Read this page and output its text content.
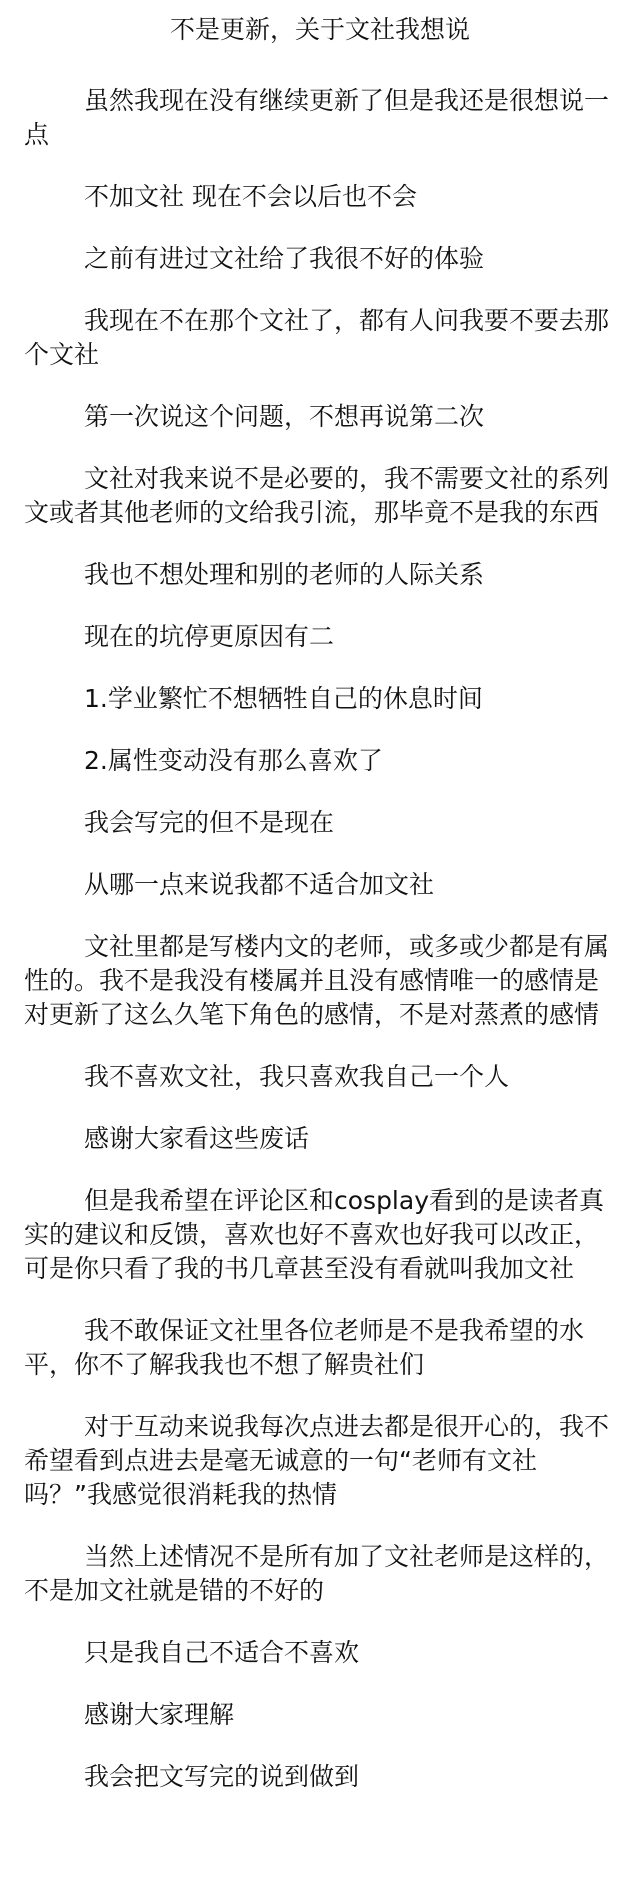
不是更新，关于文社我想说

虽然我现在没有继续更新了但是我还是很想说一点

不加文社 现在不会以后也不会

之前有进过文社给了我很不好的体验

我现在不在那个文社了，都有人问我要不要去那个文社

第一次说这个问题，不想再说第二次

文社对我来说不是必要的，我不需要文社的系列文或者其他老师的文给我引流，那毕竟不是我的东西

我也不想处理和别的老师的人际关系

现在的坑停更原因有二

1.学业繁忙不想牺牲自己的休息时间

2.属性变动没有那么喜欢了

我会写完的但不是现在

从哪一点来说我都不适合加文社

文社里都是写楼内文的老师，或多或少都是有属性的。我不是我没有楼属并且没有感情唯一的感情是对更新了这么久笔下角色的感情，不是对蒸煮的感情

我不喜欢文社，我只喜欢我自己一个人

感谢大家看这些废话

但是我希望在评论区和cosplay看到的是读者真实的建议和反馈，喜欢也好不喜欢也好我可以改正，可是你只看了我的书几章甚至没有看就叫我加文社

我不敢保证文社里各位老师是不是我希望的水平，你不了解我我也不想了解贵社们

对于互动来说我每次点进去都是很开心的，我不希望看到点进去是毫无诚意的一句“老师有文社吗？”我感觉很消耗我的热情

当然上述情况不是所有加了文社老师是这样的，不是加文社就是错的不好的

只是我自己不适合不喜欢

感谢大家理解

我会把文写完的说到做到
